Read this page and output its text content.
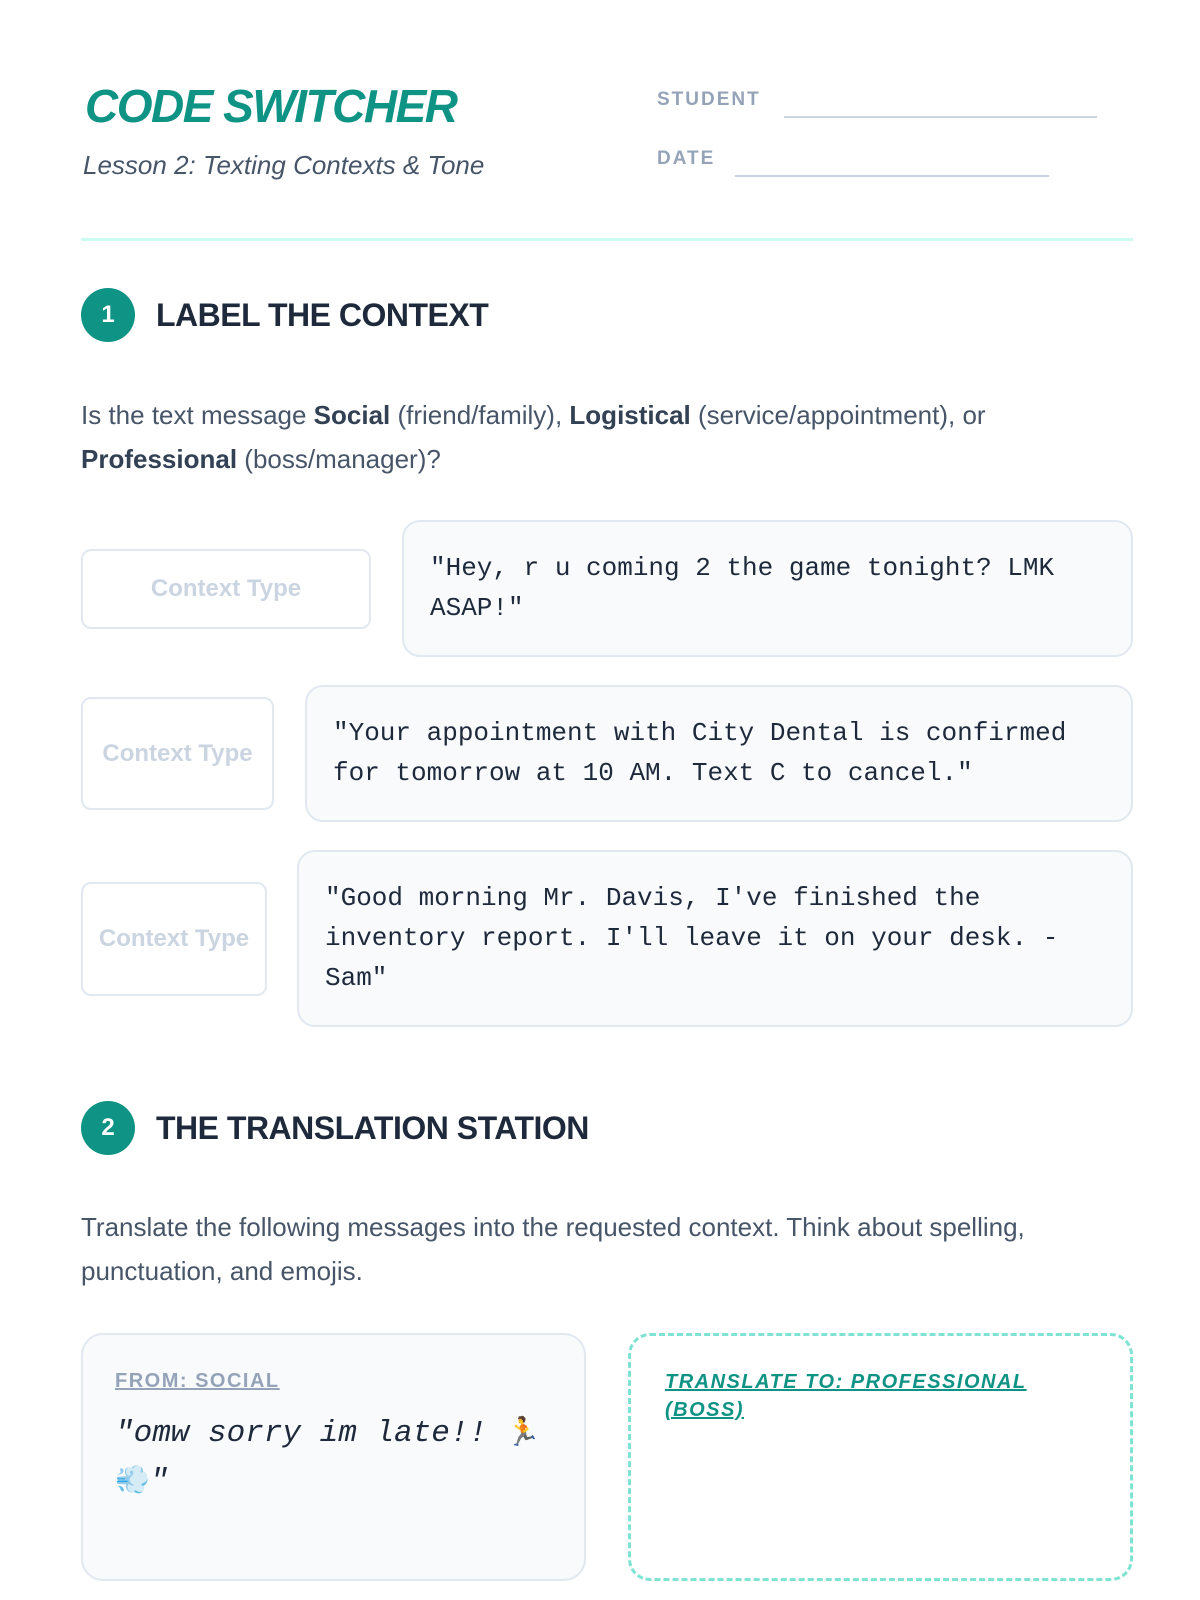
CODE SWITCHER
Lesson 2: Texting Contexts & Tone
STUDENT
DATE
1	LABEL THE CONTEXT
Is the text message Social (friend/family), Logistical (service/appointment), or Professional (boss/manager)?
Context Type
"Hey, r u coming 2 the game tonight? LMK ASAP!"
Context Type
"Your appointment with City Dental is confirmed for tomorrow at 10 AM. Text C to cancel."
Context Type
"Good morning Mr. Davis, I've finished the inventory report. I'll leave it on your desk. - Sam"
2	THE TRANSLATION STATION
Translate the following messages into the requested context. Think about spelling, punctuation, and emojis.
FROM: SOCIAL
"omw sorry im late!! 🏃 💨"
TRANSLATE TO: PROFESSIONAL (BOSS)
